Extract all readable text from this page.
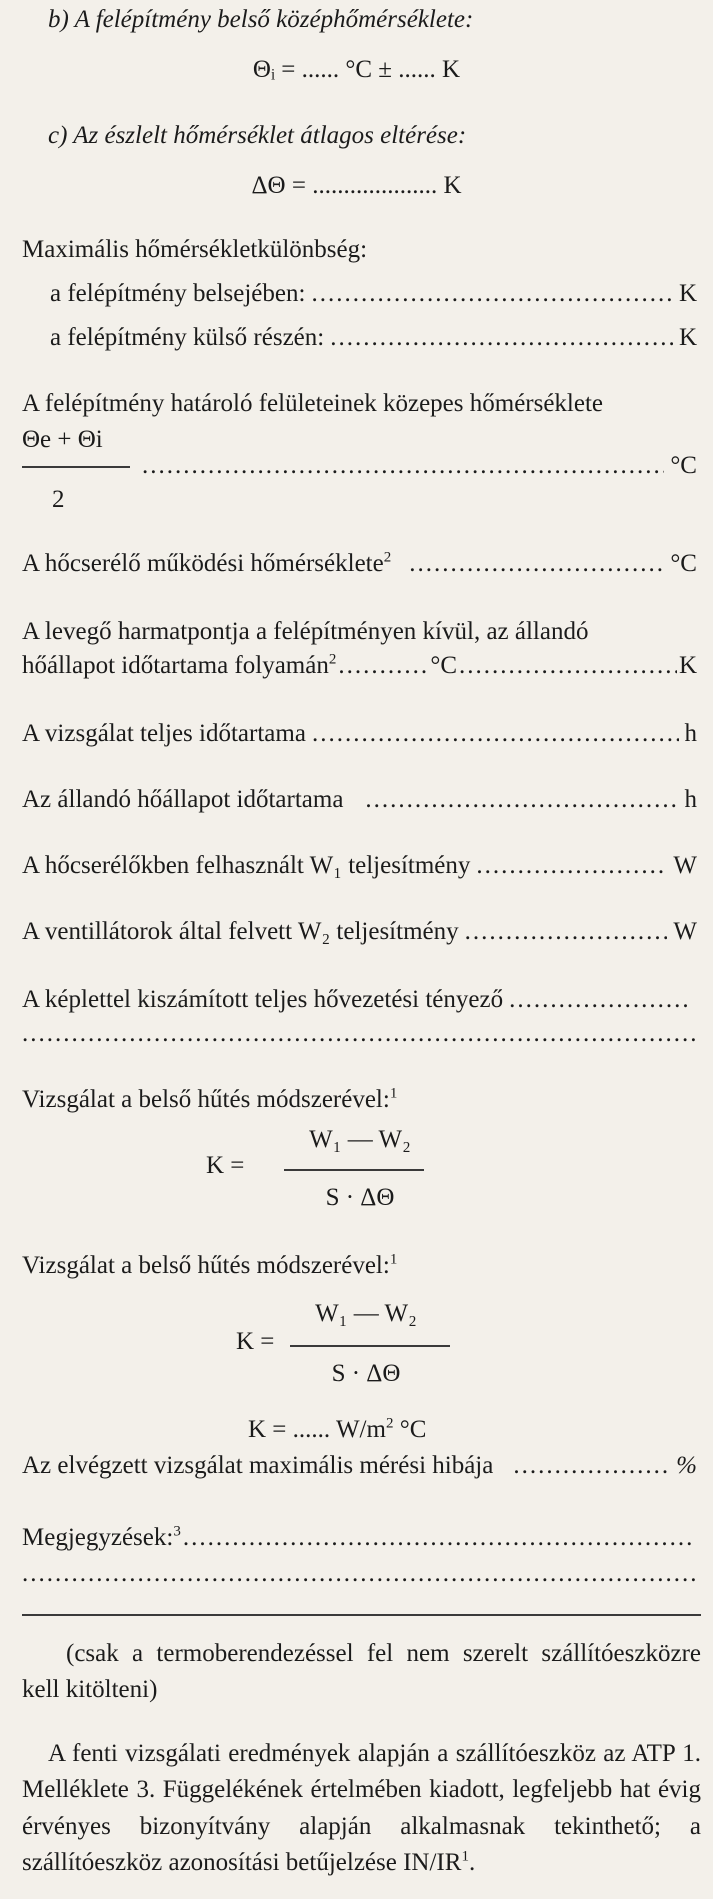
b) A felépítmény belső középhőmérséklete:
Θᵢ = ...... °C ± ...... K
c) Az észlelt hőmérséklet átlagos eltérése:
ΔΘ = .................... K
Maximális hőmérsékletkülönbség:
a felépítmény belsejében: .....	K
a felépítmény külső részén: .....	K
A felépítmény határoló felületeinek közepes hőmérséklete
Θe + Θi
.....
°C
2
A hőcserélő működési hőmérséklete$^2$ .....	°C
A levegő harmatpontja a felépítményen kívül, az állandó
hőállapot időtartama folyamán$^2$ .....	°C .....	K
A vizsgálat teljes időtartama .....	h
Az állandó hőállapot időtartama .....	h
A hőcserélőkben felhasznált W₁ teljesítmény .....	W
A ventillátorok által felvett W₂ teljesítmény .....	W
A képlettel kiszámított teljes hővezetési tényező
.....
.....
Vizsgálat a belső hűtés módszerével:$^1$
W₁ — W₂
K =
S · ΔΘ
Vizsgálat a belső hűtés módszerével:$^1$
W₁ — W₂
K =
S · ΔΘ
K = ...... $W/m^2$ °C
Az elvégzett vizsgálat maximális mérési hibája .....	%
Megjegyzések:$^3$
.....
.....
(csak a termoberendezéssel fel nem szerelt szállítóeszközre kell kitölteni)
A fenti vizsgálati eredmények alapján a szállítóeszköz az ATP 1. Melléklete 3. Függelékének értelmében kiadott, legfeljebb hat évig érvényes bizonyítvány alapján alkalmasnak tekinthető; a szállítóeszköz azonosítási betűjelzése $IN/IR^1$.
